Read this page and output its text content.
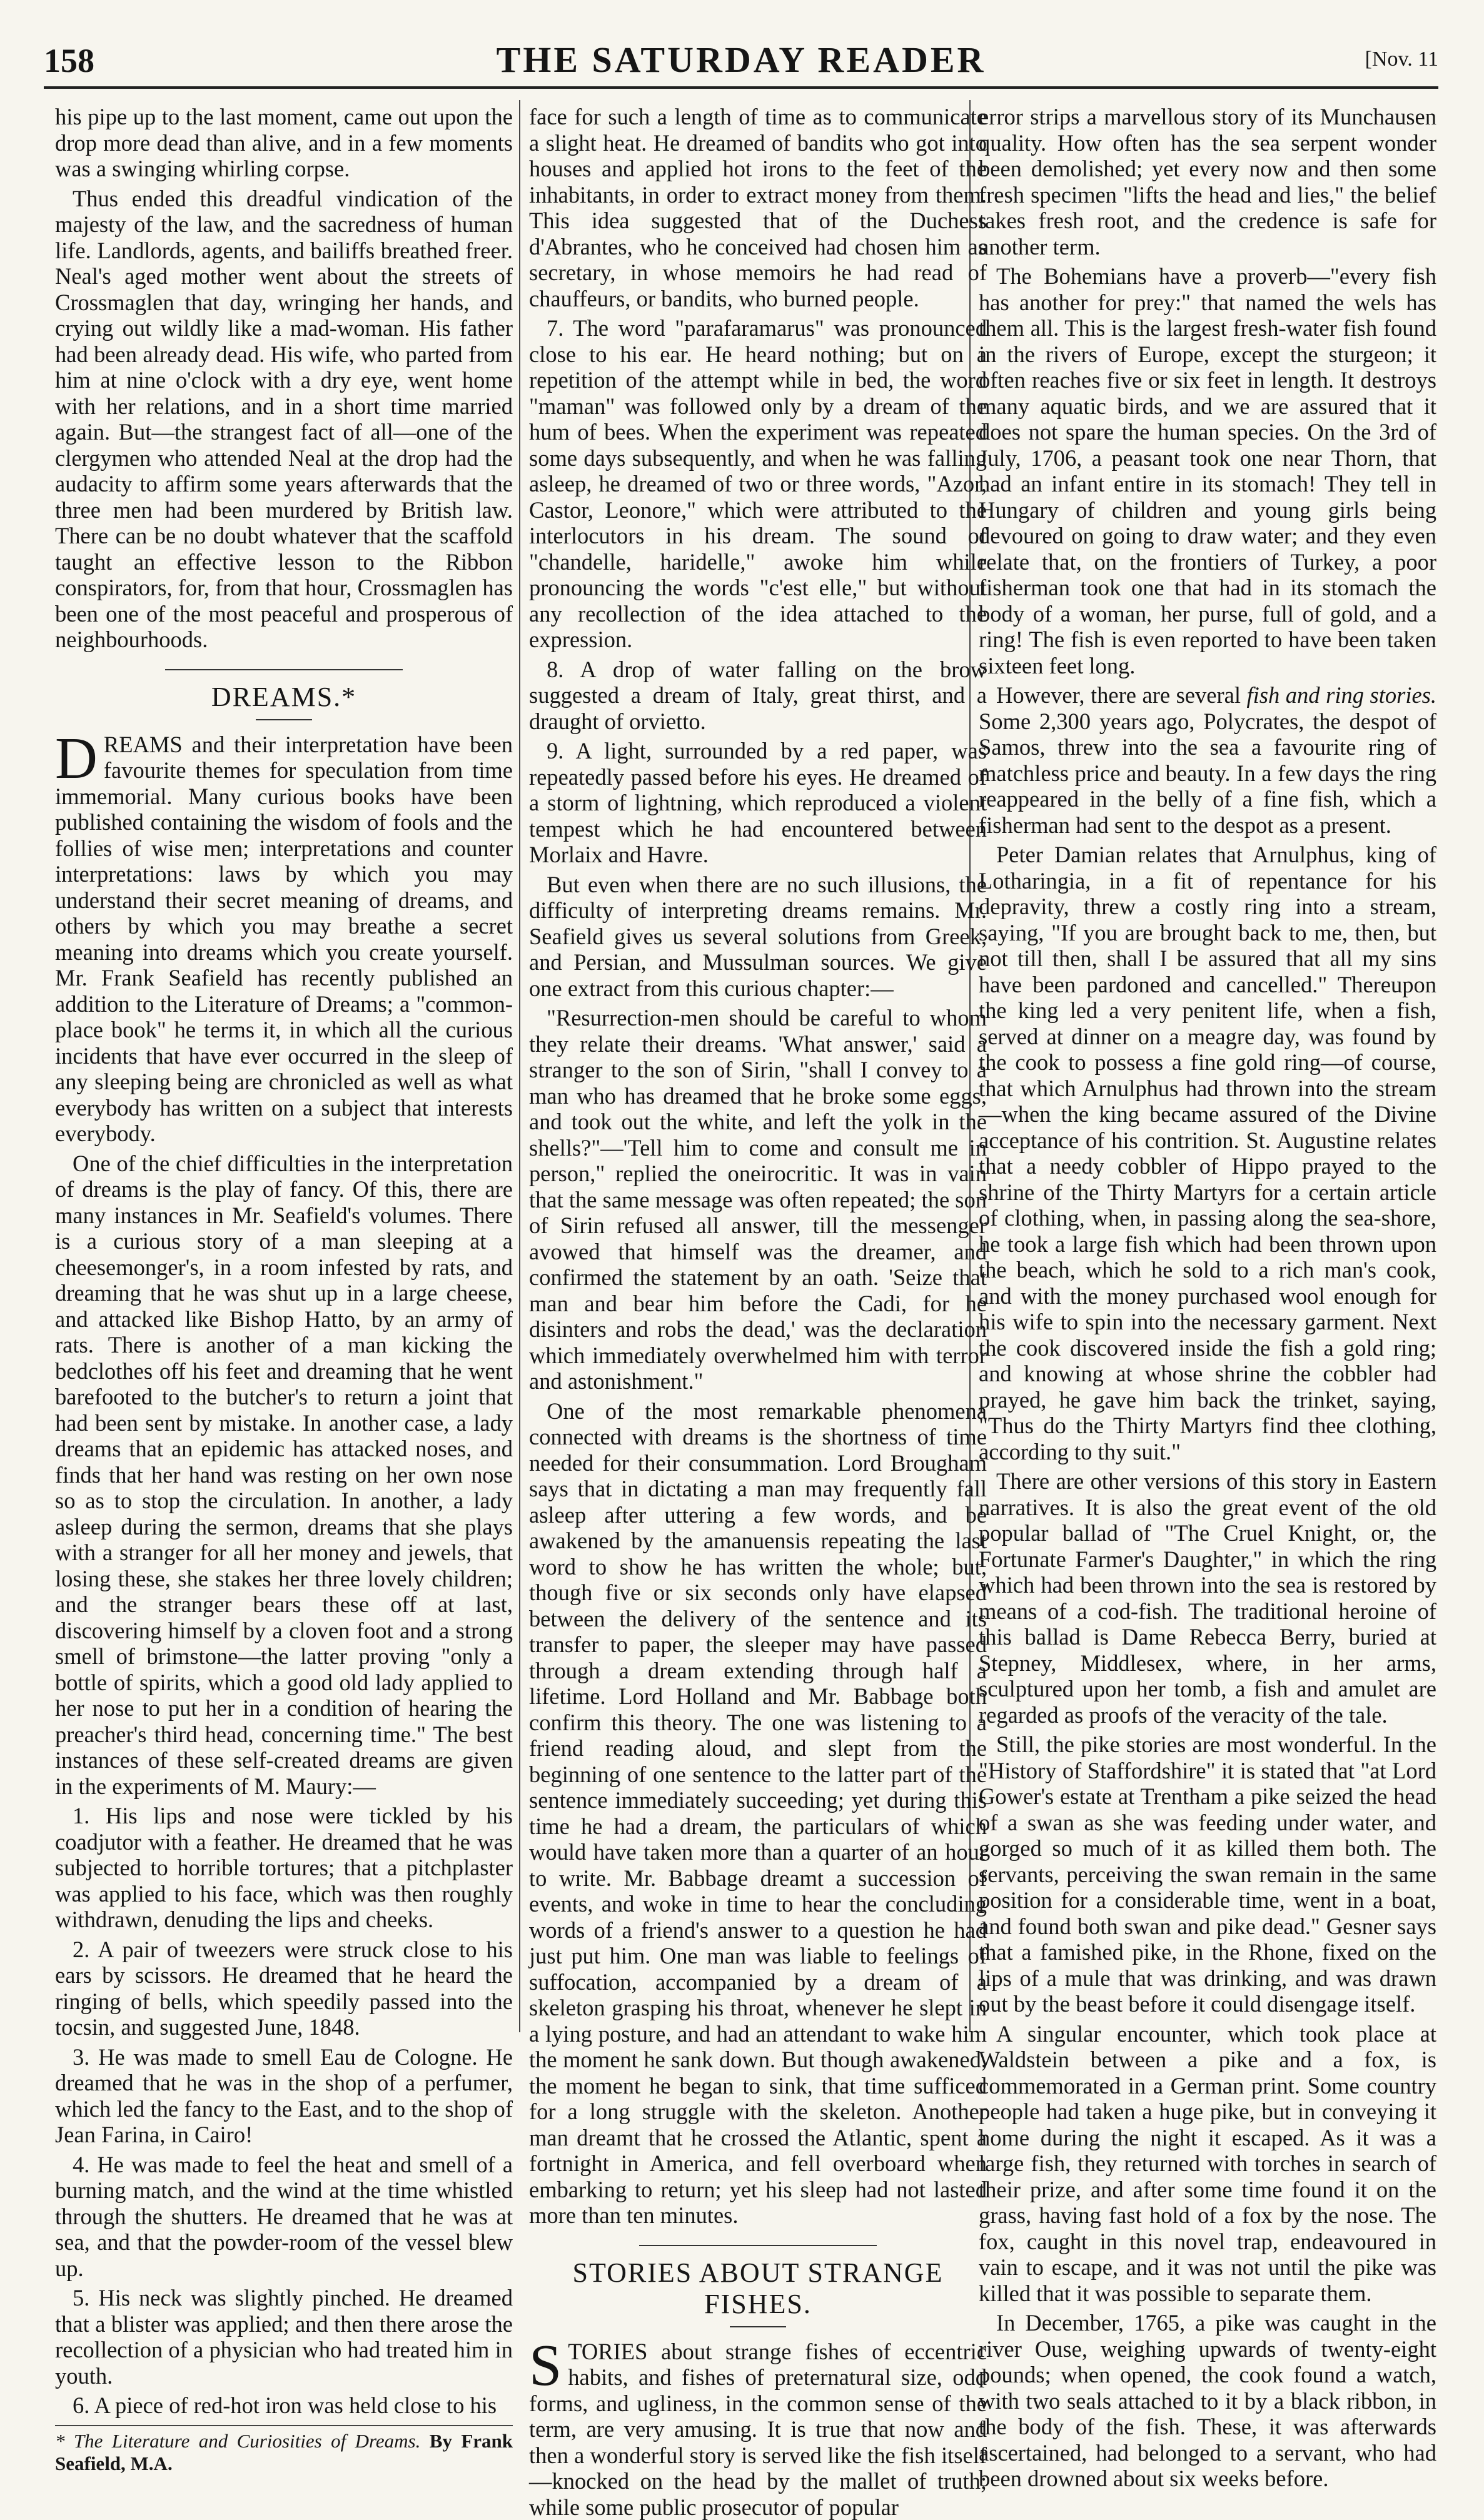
158	THE SATURDAY READER	[Nov. 11

his pipe up to the last moment, came out upon the drop more dead than alive, and in a few moments was a swinging whirling corpse.

Thus ended this dreadful vindication of the majesty of the law, and the sacredness of human life. Landlords, agents, and bailiffs breathed freer. Neal's aged mother went about the streets of Crossmaglen that day, wringing her hands, and crying out wildly like a mad-woman. His father had been already dead. His wife, who parted from him at nine o'clock with a dry eye, went home with her relations, and in a short time married again. But—the strangest fact of all—one of the clergymen who attended Neal at the drop had the audacity to affirm some years afterwards that the three men had been murdered by British law. There can be no doubt whatever that the scaffold taught an effective lesson to the Ribbon conspirators, for, from that hour, Crossmaglen has been one of the most peaceful and prosperous of neighbourhoods.

DREAMS.*

DREAMS and their interpretation have been favourite themes for speculation from time immemorial. Many curious books have been published containing the wisdom of fools and the follies of wise men; interpretations and counter interpretations: laws by which you may understand their secret meaning of dreams, and others by which you may breathe a secret meaning into dreams which you create yourself. Mr. Frank Seafield has recently published an addition to the Literature of Dreams; a "common-place book" he terms it, in which all the curious incidents that have ever occurred in the sleep of any sleeping being are chronicled as well as what everybody has written on a subject that interests everybody.

One of the chief difficulties in the interpretation of dreams is the play of fancy. Of this, there are many instances in Mr. Seafield's volumes. There is a curious story of a man sleeping at a cheesemonger's, in a room infested by rats, and dreaming that he was shut up in a large cheese, and attacked like Bishop Hatto, by an army of rats. There is another of a man kicking the bedclothes off his feet and dreaming that he went barefooted to the butcher's to return a joint that had been sent by mistake. In another case, a lady dreams that an epidemic has attacked noses, and finds that her hand was resting on her own nose so as to stop the circulation. In another, a lady asleep during the sermon, dreams that she plays with a stranger for all her money and jewels, that losing these, she stakes her three lovely children; and the stranger bears these off at last, discovering himself by a cloven foot and a strong smell of brimstone—the latter proving "only a bottle of spirits, which a good old lady applied to her nose to put her in a condition of hearing the preacher's third head, concerning time." The best instances of these self-created dreams are given in the experiments of M. Maury:—

1. His lips and nose were tickled by his coadjutor with a feather. He dreamed that he was subjected to horrible tortures; that a pitchplaster was applied to his face, which was then roughly withdrawn, denuding the lips and cheeks.

2. A pair of tweezers were struck close to his ears by scissors. He dreamed that he heard the ringing of bells, which speedily passed into the tocsin, and suggested June, 1848.

3. He was made to smell Eau de Cologne. He dreamed that he was in the shop of a perfumer, which led the fancy to the East, and to the shop of Jean Farina, in Cairo!

4. He was made to feel the heat and smell of a burning match, and the wind at the time whistled through the shutters. He dreamed that he was at sea, and that the powder-room of the vessel blew up.

5. His neck was slightly pinched. He dreamed that a blister was applied; and then there arose the recollection of a physician who had treated him in youth.

6. A piece of red-hot iron was held close to his

* The Literature and Curiosities of Dreams. By Frank Seafield, M.A.

face for such a length of time as to communicate a slight heat. He dreamed of bandits who got into houses and applied hot irons to the feet of the inhabitants, in order to extract money from them. This idea suggested that of the Duchess d'Abrantes, who he conceived had chosen him as secretary, in whose memoirs he had read of chauffeurs, or bandits, who burned people.

7. The word "parafaramarus" was pronounced close to his ear. He heard nothing; but on a repetition of the attempt while in bed, the word "maman" was followed only by a dream of the hum of bees. When the experiment was repeated some days subsequently, and when he was falling asleep, he dreamed of two or three words, "Azor, Castor, Leonore," which were attributed to the interlocutors in his dream. The sound of "chandelle, haridelle," awoke him while pronouncing the words "c'est elle," but without any recollection of the idea attached to the expression.

8. A drop of water falling on the brow suggested a dream of Italy, great thirst, and a draught of orvietto.

9. A light, surrounded by a red paper, was repeatedly passed before his eyes. He dreamed of a storm of lightning, which reproduced a violent tempest which he had encountered between Morlaix and Havre.

But even when there are no such illusions, the difficulty of interpreting dreams remains. Mr. Seafield gives us several solutions from Greek, and Persian, and Mussulman sources. We give one extract from this curious chapter:—

"Resurrection-men should be careful to whom they relate their dreams. 'What answer,' said a stranger to the son of Sirin, "shall I convey to a man who has dreamed that he broke some eggs, and took out the white, and left the yolk in the shells?"—'Tell him to come and consult me in person," replied the oneirocritic. It was in vain that the same message was often repeated; the son of Sirin refused all answer, till the messenger avowed that himself was the dreamer, and confirmed the statement by an oath. 'Seize that man and bear him before the Cadi, for he disinters and robs the dead,' was the declaration which immediately overwhelmed him with terror and astonishment."

One of the most remarkable phenomena connected with dreams is the shortness of time needed for their consummation. Lord Brougham says that in dictating a man may frequently fall asleep after uttering a few words, and be awakened by the amanuensis repeating the last word to show he has written the whole; but, though five or six seconds only have elapsed between the delivery of the sentence and its transfer to paper, the sleeper may have passed through a dream extending through half a lifetime. Lord Holland and Mr. Babbage both confirm this theory. The one was listening to a friend reading aloud, and slept from the beginning of one sentence to the latter part of the sentence immediately succeeding; yet during this time he had a dream, the particulars of which would have taken more than a quarter of an hour to write. Mr. Babbage dreamt a succession of events, and woke in time to hear the concluding words of a friend's answer to a question he had just put him. One man was liable to feelings of suffocation, accompanied by a dream of a skeleton grasping his throat, whenever he slept in a lying posture, and had an attendant to wake him the moment he sank down. But though awakened, the moment he began to sink, that time sufficed for a long struggle with the skeleton. Another man dreamt that he crossed the Atlantic, spent a fortnight in America, and fell overboard when embarking to return; yet his sleep had not lasted more than ten minutes.

STORIES ABOUT STRANGE FISHES.

STORIES about strange fishes of eccentric habits, and fishes of preternatural size, odd forms, and ugliness, in the common sense of the term, are very amusing. It is true that now and then a wonderful story is served like the fish itself—knocked on the head by the mallet of truth; while some public prosecutor of popular

error strips a marvellous story of its Munchausen quality. How often has the sea serpent wonder been demolished; yet every now and then some fresh specimen "lifts the head and lies," the belief takes fresh root, and the credence is safe for another term.

The Bohemians have a proverb—"every fish has another for prey:" that named the wels has them all. This is the largest fresh-water fish found in the rivers of Europe, except the sturgeon; it often reaches five or six feet in length. It destroys many aquatic birds, and we are assured that it does not spare the human species. On the 3rd of July, 1706, a peasant took one near Thorn, that had an infant entire in its stomach! They tell in Hungary of children and young girls being devoured on going to draw water; and they even relate that, on the frontiers of Turkey, a poor fisherman took one that had in its stomach the body of a woman, her purse, full of gold, and a ring! The fish is even reported to have been taken sixteen feet long.

However, there are several fish and ring stories. Some 2,300 years ago, Polycrates, the despot of Samos, threw into the sea a favourite ring of matchless price and beauty. In a few days the ring reappeared in the belly of a fine fish, which a fisherman had sent to the despot as a present.

Peter Damian relates that Arnulphus, king of Lotharingia, in a fit of repentance for his depravity, threw a costly ring into a stream, saying, "If you are brought back to me, then, but not till then, shall I be assured that all my sins have been pardoned and cancelled." Thereupon the king led a very penitent life, when a fish, served at dinner on a meagre day, was found by the cook to possess a fine gold ring—of course, that which Arnulphus had thrown into the stream—when the king became assured of the Divine acceptance of his contrition. St. Augustine relates that a needy cobbler of Hippo prayed to the shrine of the Thirty Martyrs for a certain article of clothing, when, in passing along the sea-shore, he took a large fish which had been thrown upon the beach, which he sold to a rich man's cook, and with the money purchased wool enough for his wife to spin into the necessary garment. Next the cook discovered inside the fish a gold ring; and knowing at whose shrine the cobbler had prayed, he gave him back the trinket, saying, "Thus do the Thirty Martyrs find thee clothing, according to thy suit."

There are other versions of this story in Eastern narratives. It is also the great event of the old popular ballad of "The Cruel Knight, or, the Fortunate Farmer's Daughter," in which the ring which had been thrown into the sea is restored by means of a cod-fish. The traditional heroine of this ballad is Dame Rebecca Berry, buried at Stepney, Middlesex, where, in her arms, sculptured upon her tomb, a fish and amulet are regarded as proofs of the veracity of the tale.

Still, the pike stories are most wonderful. In the "History of Staffordshire" it is stated that "at Lord Gower's estate at Trentham a pike seized the head of a swan as she was feeding under water, and gorged so much of it as killed them both. The servants, perceiving the swan remain in the same position for a considerable time, went in a boat, and found both swan and pike dead." Gesner says that a famished pike, in the Rhone, fixed on the lips of a mule that was drinking, and was drawn out by the beast before it could disengage itself.

A singular encounter, which took place at Waldstein between a pike and a fox, is commemorated in a German print. Some country people had taken a huge pike, but in conveying it home during the night it escaped. As it was a large fish, they returned with torches in search of their prize, and after some time found it on the grass, having fast hold of a fox by the nose. The fox, caught in this novel trap, endeavoured in vain to escape, and it was not until the pike was killed that it was possible to separate them.

In December, 1765, a pike was caught in the river Ouse, weighing upwards of twenty-eight pounds; when opened, the cook found a watch, with two seals attached to it by a black ribbon, in the body of the fish. These, it was afterwards ascertained, had belonged to a servant, who had been drowned about six weeks before.
